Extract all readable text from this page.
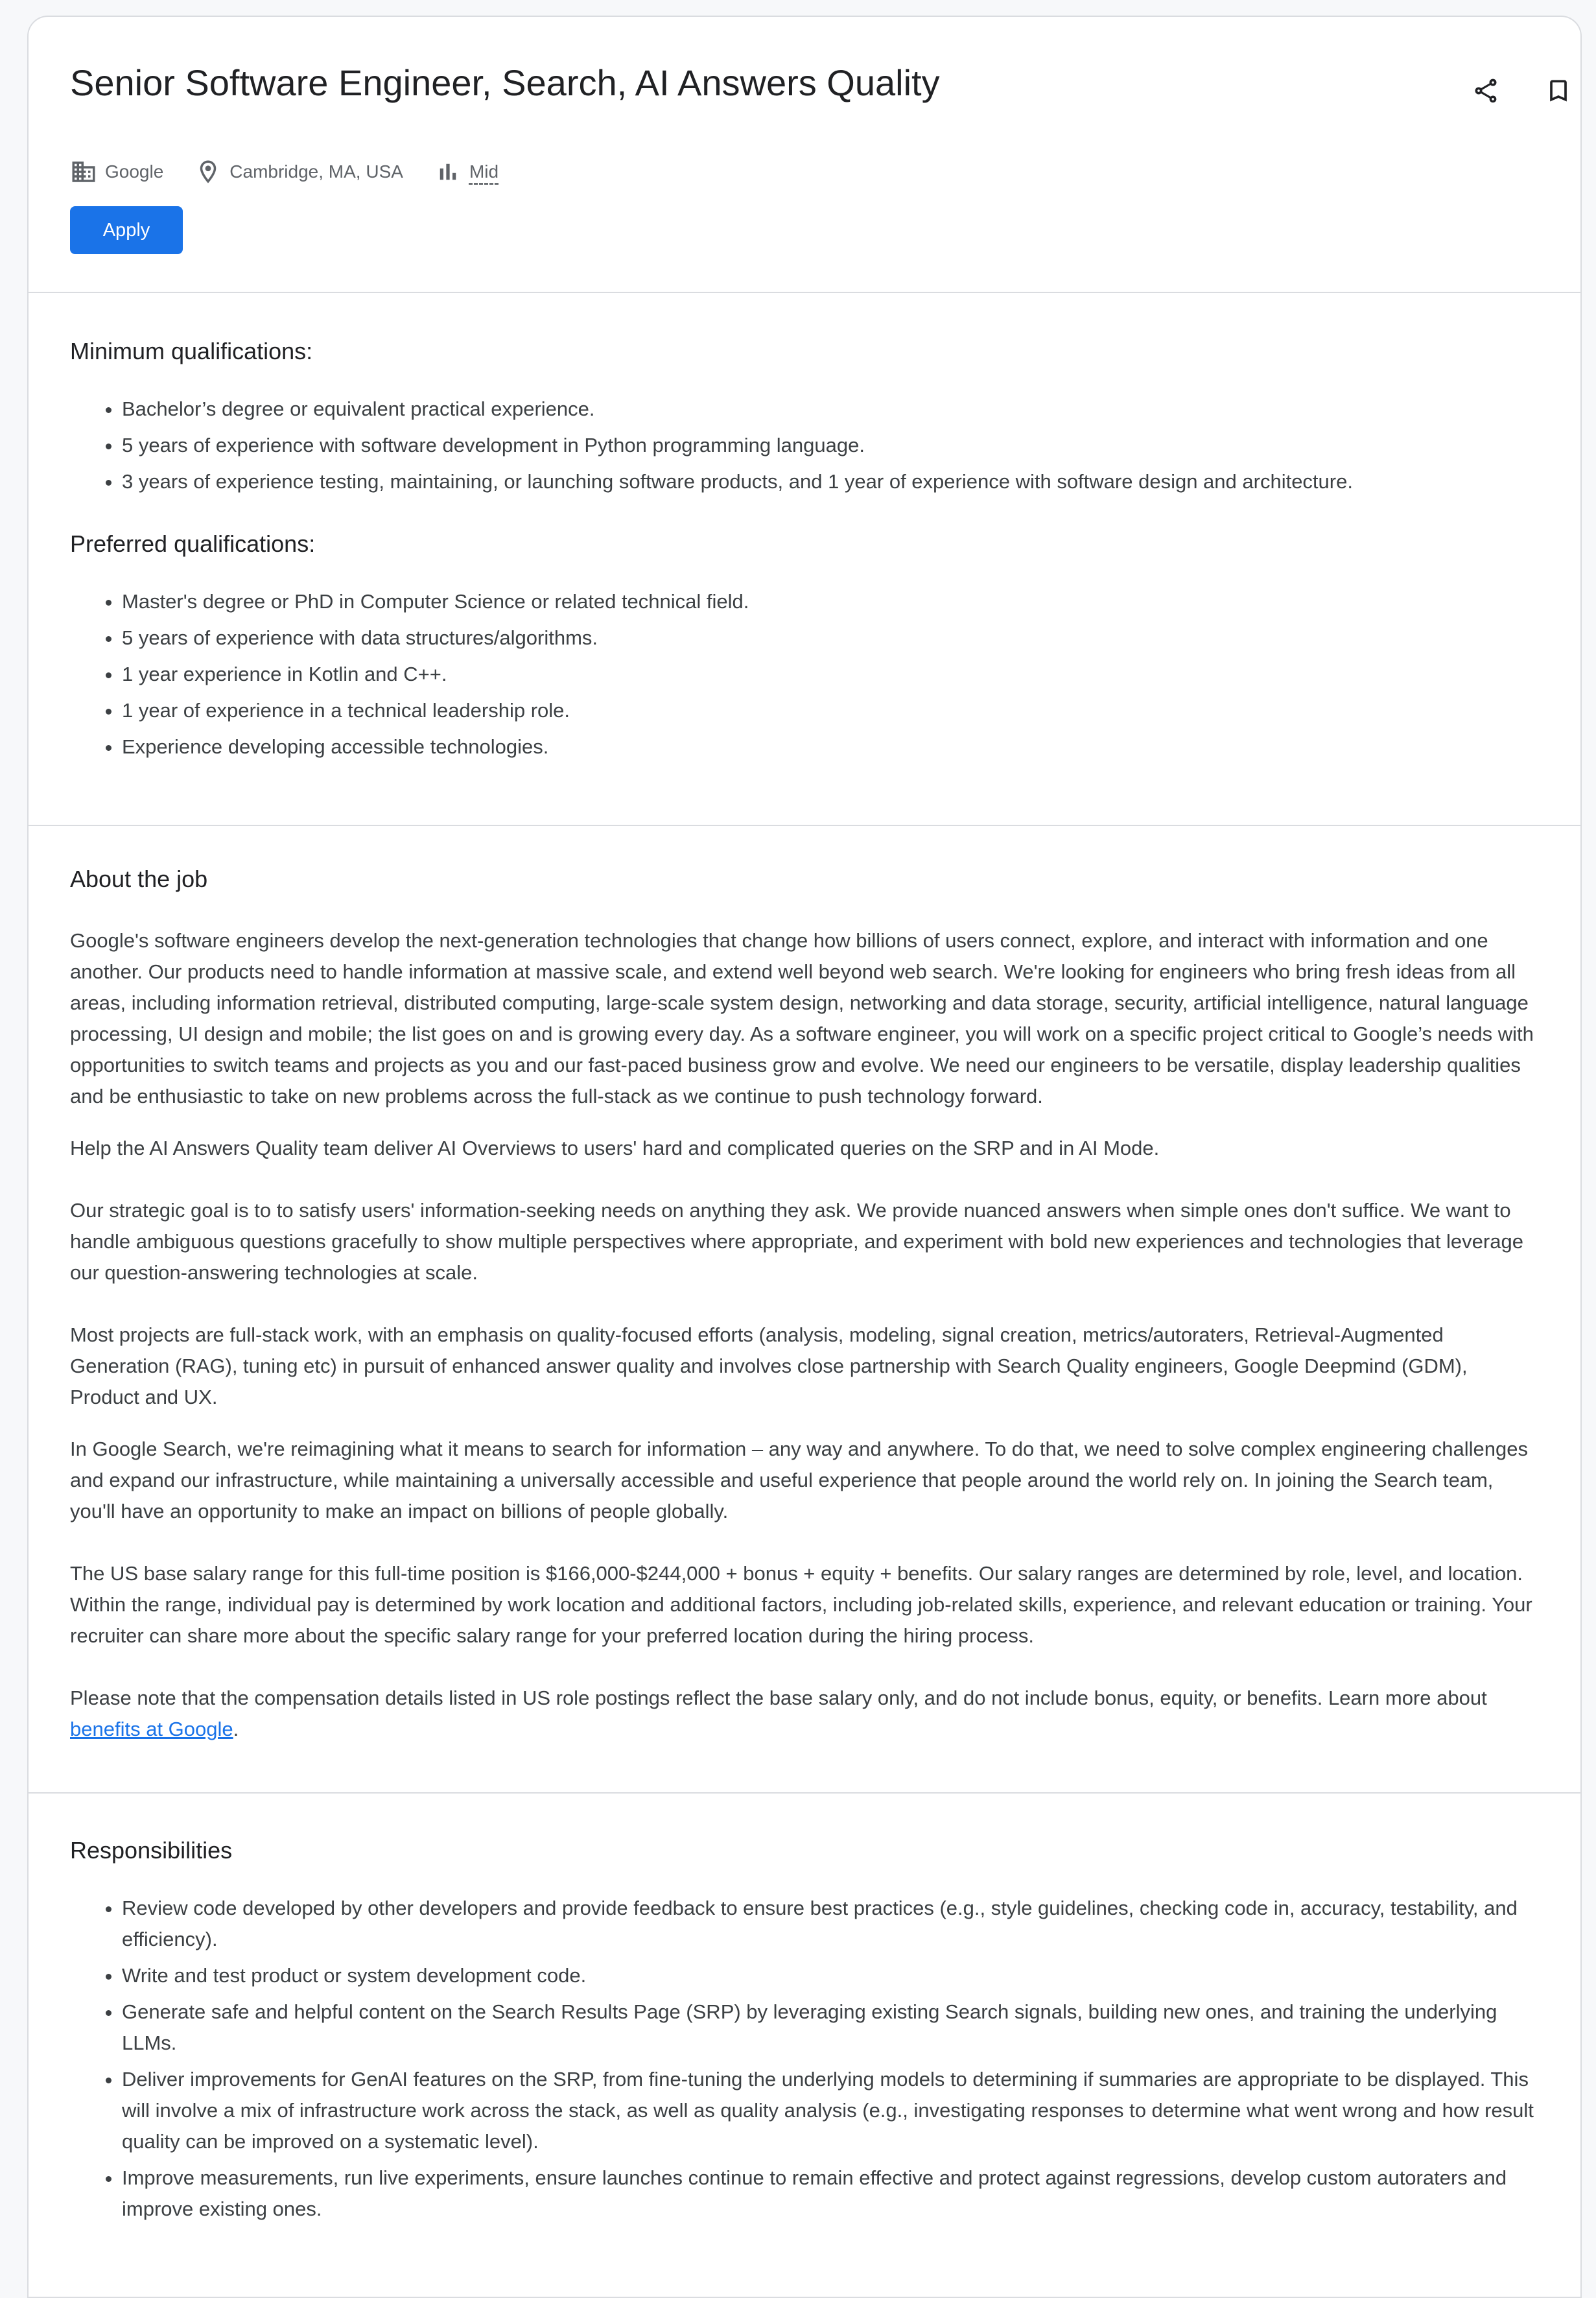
Senior Software Engineer, Search, AI Answers Quality
Google	Cambridge, MA, USA	Mid
Apply
Minimum qualifications:
• Bachelor’s degree or equivalent practical experience.
• 5 years of experience with software development in Python programming language.
• 3 years of experience testing, maintaining, or launching software products, and 1 year of experience with software design and architecture.
Preferred qualifications:
• Master's degree or PhD in Computer Science or related technical field.
• 5 years of experience with data structures/algorithms.
• 1 year experience in Kotlin and C++.
• 1 year of experience in a technical leadership role.
• Experience developing accessible technologies.
About the job

Google's software engineers develop the next-generation technologies that change how billions of users connect, explore, and interact with information and one another. Our products need to handle information at massive scale, and extend well beyond web search. We're looking for engineers who bring fresh ideas from all areas, including information retrieval, distributed computing, large-scale system design, networking and data storage, security, artificial intelligence, natural language processing, UI design and mobile; the list goes on and is growing every day. As a software engineer, you will work on a specific project critical to Google’s needs with opportunities to switch teams and projects as you and our fast-paced business grow and evolve. We need our engineers to be versatile, display leadership qualities and be enthusiastic to take on new problems across the full-stack as we continue to push technology forward.

Help the AI Answers Quality team deliver AI Overviews to users' hard and complicated queries on the SRP and in AI Mode.

Our strategic goal is to to satisfy users' information-seeking needs on anything they ask. We provide nuanced answers when simple ones don't suffice. We want to handle ambiguous questions gracefully to show multiple perspectives where appropriate, and experiment with bold new experiences and technologies that leverage our question-answering technologies at scale.

Most projects are full-stack work, with an emphasis on quality-focused efforts (analysis, modeling, signal creation, metrics/autoraters, Retrieval-Augmented Generation (RAG), tuning etc) in pursuit of enhanced answer quality and involves close partnership with Search Quality engineers, Google Deepmind (GDM), Product and UX.

In Google Search, we're reimagining what it means to search for information – any way and anywhere. To do that, we need to solve complex engineering challenges and expand our infrastructure, while maintaining a universally accessible and useful experience that people around the world rely on. In joining the Search team, you'll have an opportunity to make an impact on billions of people globally.

The US base salary range for this full-time position is $166,000-$244,000 + bonus + equity + benefits. Our salary ranges are determined by role, level, and location. Within the range, individual pay is determined by work location and additional factors, including job-related skills, experience, and relevant education or training. Your recruiter can share more about the specific salary range for your preferred location during the hiring process.

Please note that the compensation details listed in US role postings reflect the base salary only, and do not include bonus, equity, or benefits. Learn more about benefits at Google.

Responsibilities
• Review code developed by other developers and provide feedback to ensure best practices (e.g., style guidelines, checking code in, accuracy, testability, and efficiency).
• Write and test product or system development code.
• Generate safe and helpful content on the Search Results Page (SRP) by leveraging existing Search signals, building new ones, and training the underlying LLMs.
• Deliver improvements for GenAI features on the SRP, from fine-tuning the underlying models to determining if summaries are appropriate to be displayed. This will involve a mix of infrastructure work across the stack, as well as quality analysis (e.g., investigating responses to determine what went wrong and how result quality can be improved on a systematic level).
• Improve measurements, run live experiments, ensure launches continue to remain effective and protect against regressions, develop custom autoraters and improve existing ones.
